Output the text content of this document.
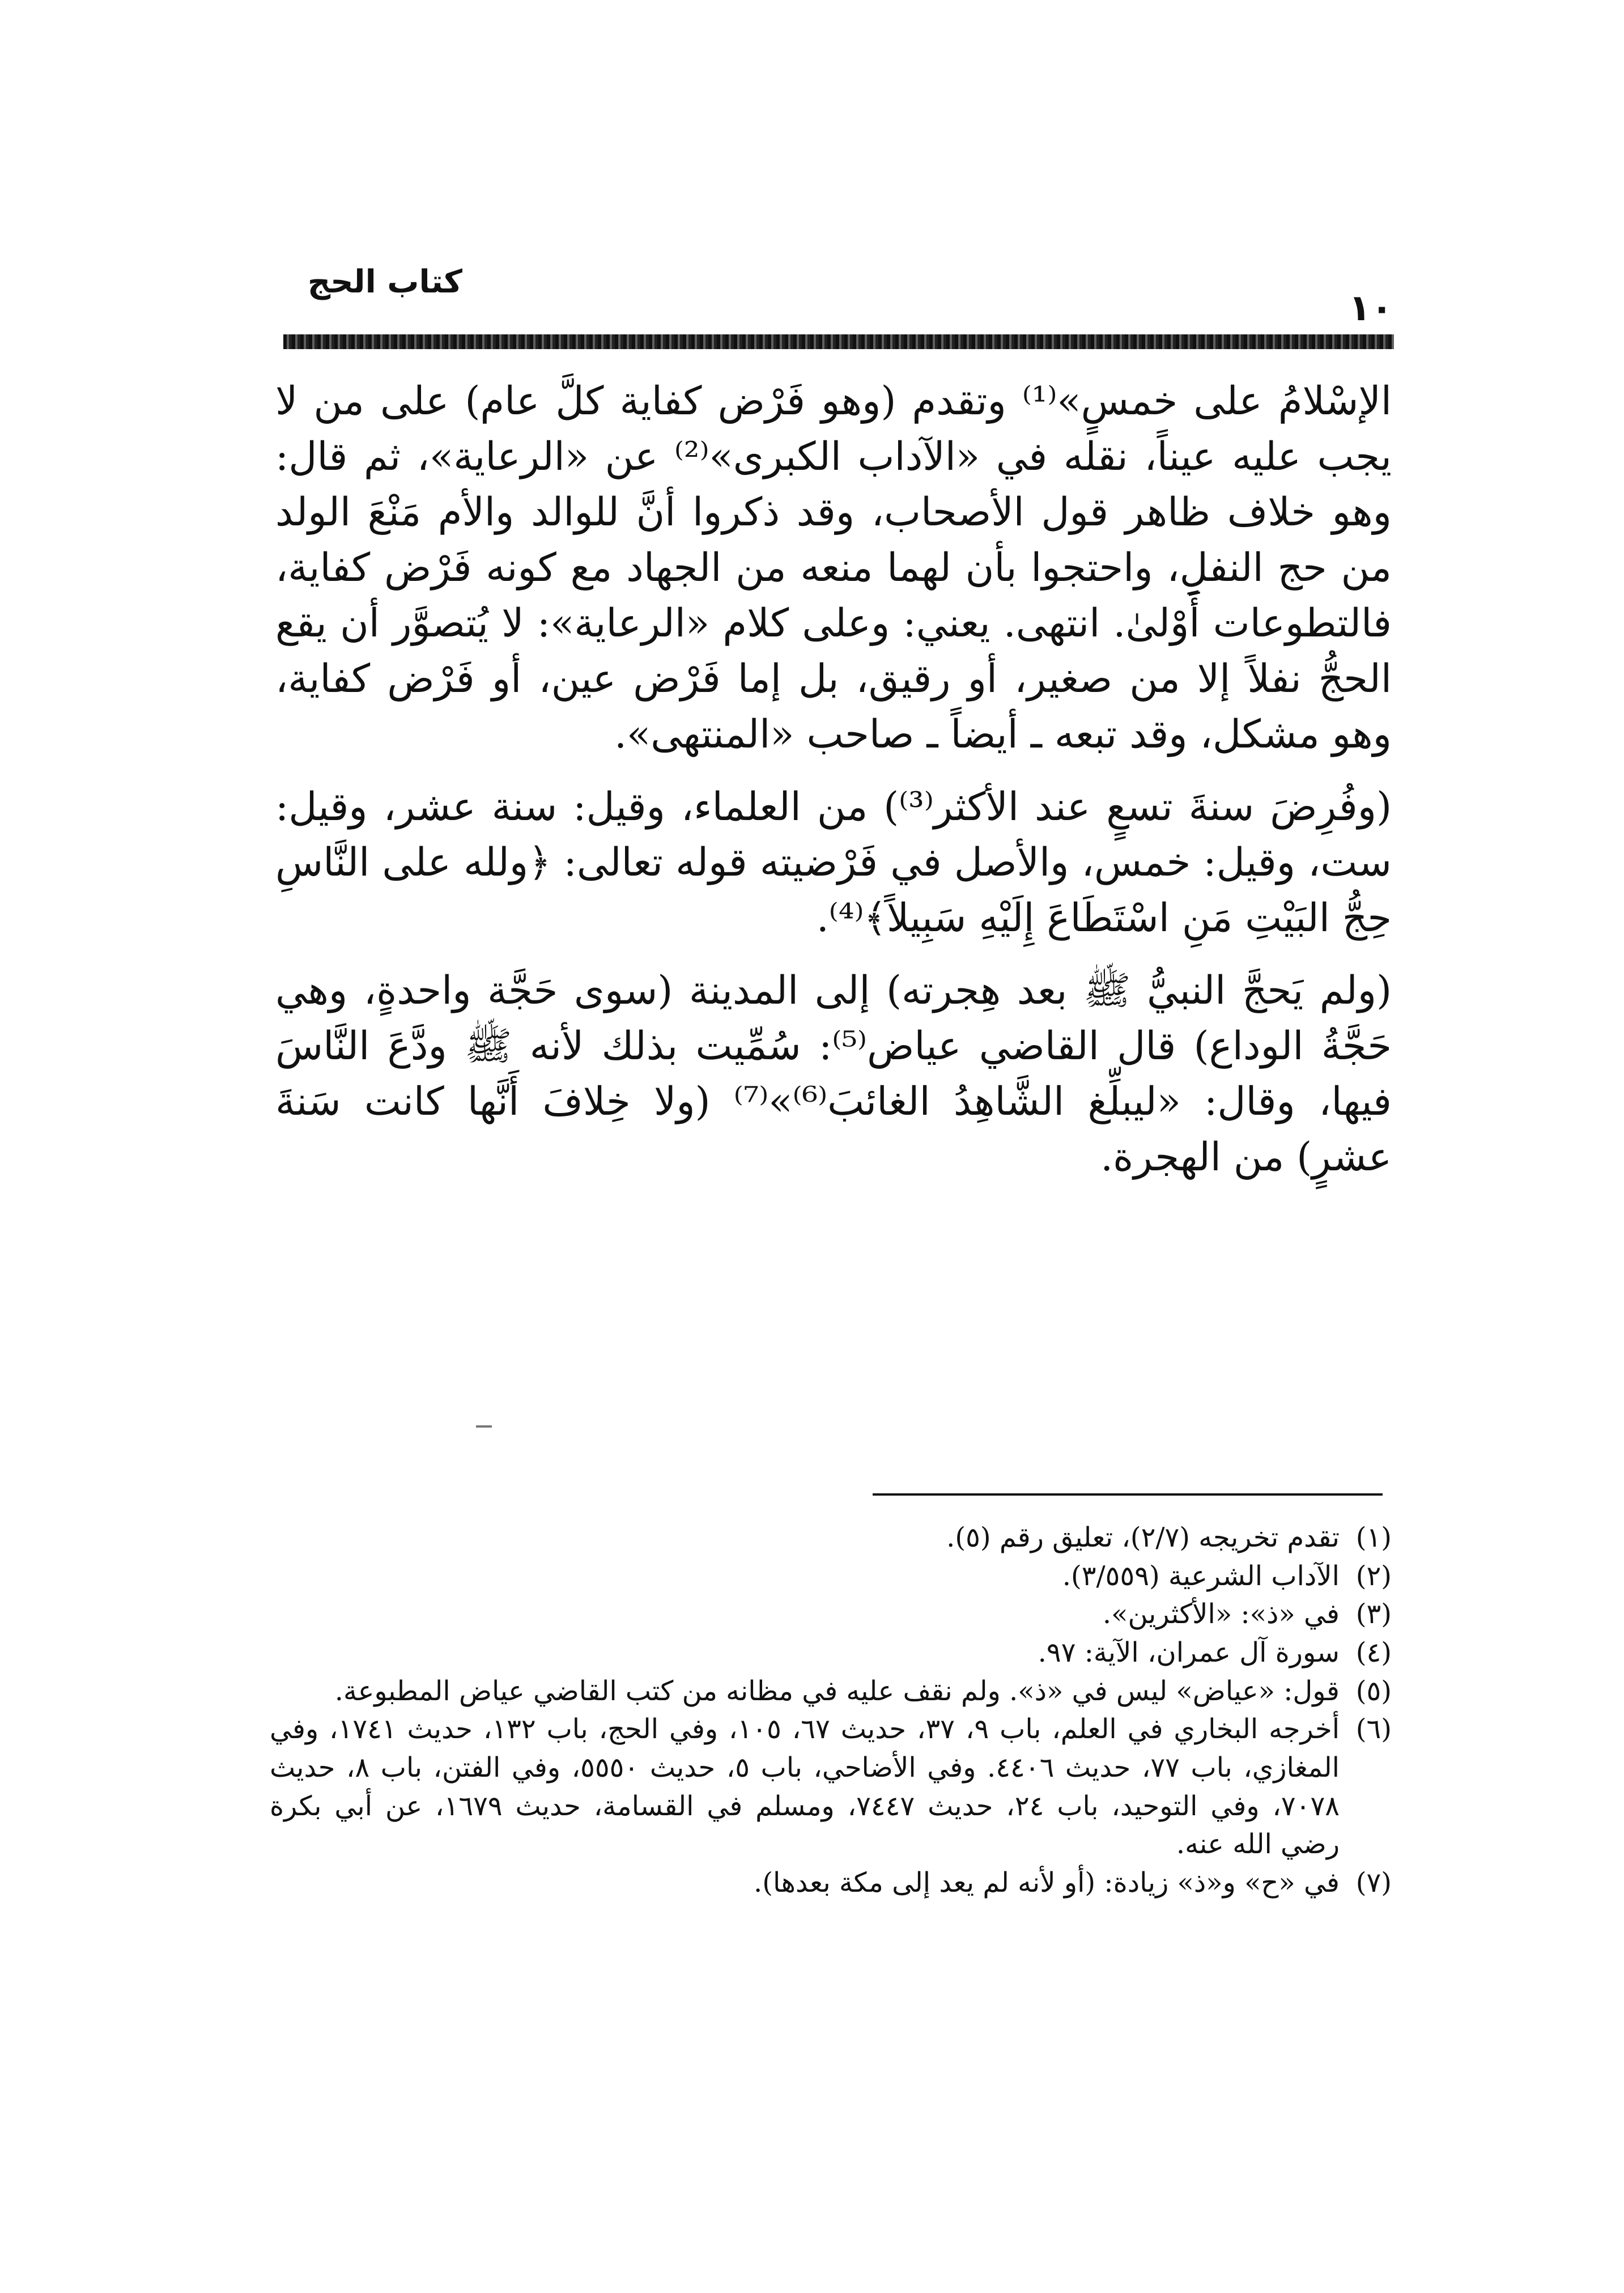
كتاب الحج
١٠

الإسْلامُ على خمسٍ»⁽¹⁾ وتقدم (وهو فَرْض كفاية كلَّ عام) على من لا يجب عليه عيناً، نقله في «الآداب الكبرى»⁽²⁾ عن «الرعاية»، ثم قال: وهو خلاف ظاهر قول الأصحاب، وقد ذكروا أنَّ للوالد والأم مَنْعَ الولد من حج النفلِ، واحتجوا بأن لهما منعه من الجهاد مع كونه فَرْض كفاية، فالتطوعات أَوْلىٰ. انتهى. يعني: وعلى كلام «الرعاية»: لا يُتصوَّر أن يقع الحجُّ نفلاً إلا من صغير، أو رقيق، بل إما فَرْض عين، أو فَرْض كفاية، وهو مشكل، وقد تبعه ـ أيضاً ـ صاحب «المنتهى».

(وفُرِضَ سنةَ تسعٍ عند الأكثر⁽³⁾) من العلماء، وقيل: سنة عشر، وقيل: ست، وقيل: خمس، والأصل في فَرْضيته قوله تعالى: ﴿ولله على النَّاسِ حِجُّ البَيْتِ مَنِ اسْتَطَاعَ إِلَيْهِ سَبِيلاً﴾⁽⁴⁾.

(ولم يَحجَّ النبيُّ ﷺ بعد هِجرته) إلى المدينة (سوى حَجَّة واحدةٍ، وهي حَجَّةُ الوداع) قال القاضي عياض⁽⁵⁾: سُمِّيت بذلك لأنه ﷺ ودَّعَ النَّاسَ فيها، وقال: «ليبلِّغ الشَّاهِدُ الغائبَ⁽⁶⁾»⁽⁷⁾ (ولا خِلافَ أَنَّها كانت سَنةَ عشرٍ) من الهجرة.

(١)
تقدم تخريجه (٢/٧)، تعليق رقم (٥).
(٢)
الآداب الشرعية (٣/٥٥٩).
(٣)
في «ذ»: «الأكثرين».
(٤)
سورة آل عمران، الآية: ٩٧.
(٥)
قول: «عياض» ليس في «ذ». ولم نقف عليه في مظانه من كتب القاضي عياض المطبوعة.
(٦)
أخرجه البخاري في العلم، باب ٩، ٣٧، حديث ٦٧، ١٠٥، وفي الحج، باب ١٣٢، حديث ١٧٤١، وفي المغازي، باب ٧٧، حديث ٤٤٠٦. وفي الأضاحي، باب ٥، حديث ٥٥٥٠، وفي الفتن، باب ٨، حديث ٧٠٧٨، وفي التوحيد، باب ٢٤، حديث ٧٤٤٧، ومسلم في القسامة، حديث ١٦٧٩، عن أبي بكرة رضي الله عنه.
(٧)
في «ح» و«ذ» زيادة: (أو لأنه لم يعد إلى مكة بعدها).
